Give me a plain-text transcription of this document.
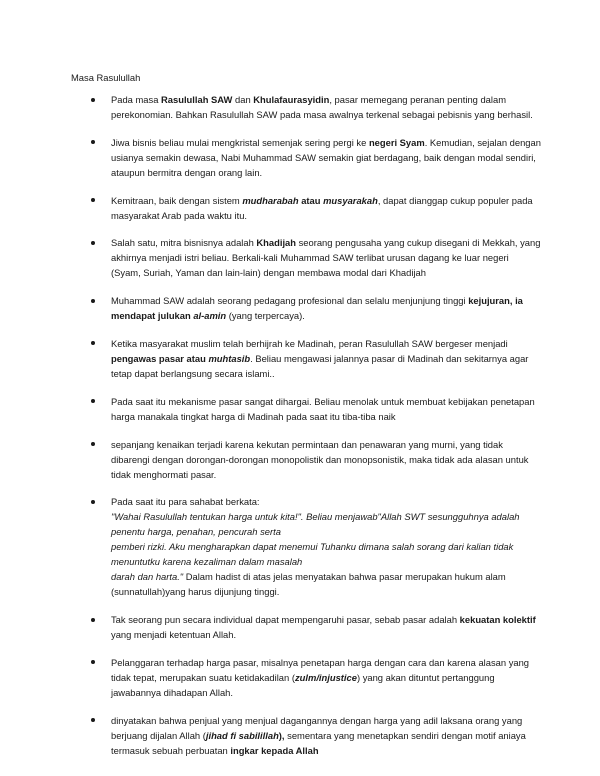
Masa Rasulullah
Pada masa Rasulullah SAW dan Khulafaurasyidin, pasar memegang peranan penting dalam perekonomian. Bahkan Rasulullah SAW pada masa awalnya terkenal sebagai pebisnis yang berhasil.
Jiwa bisnis beliau mulai mengkristal semenjak sering pergi ke negeri Syam. Kemudian, sejalan dengan usianya semakin dewasa, Nabi Muhammad SAW semakin giat berdagang, baik dengan modal sendiri, ataupun bermitra dengan orang lain.
Kemitraan, baik dengan sistem mudharabah atau musyarakah, dapat dianggap cukup populer pada masyarakat Arab pada waktu itu.
Salah satu, mitra bisnisnya adalah Khadijah seorang pengusaha yang cukup disegani di Mekkah, yang akhirnya menjadi istri beliau. Berkali-kali Muhammad SAW terlibat urusan dagang ke luar negeri (Syam, Suriah, Yaman dan lain-lain) dengan membawa modal dari Khadijah
Muhammad SAW adalah seorang pedagang profesional dan selalu menjunjung tinggi kejujuran, ia mendapat julukan al-amin (yang terpercaya).
Ketika masyarakat muslim telah berhijrah ke Madinah, peran Rasulullah SAW bergeser menjadi pengawas pasar atau muhtasib. Beliau mengawasi jalannya pasar di Madinah dan sekitarnya agar tetap dapat berlangsung secara islami..
Pada saat itu mekanisme pasar sangat dihargai. Beliau menolak untuk membuat kebijakan penetapan harga manakala tingkat harga di Madinah pada saat itu tiba-tiba naik
sepanjang kenaikan terjadi karena kekutan permintaan dan penawaran yang murni, yang tidak dibarengi dengan dorongan-dorongan monopolistik dan monopsonistik, maka tidak ada alasan untuk tidak menghormati pasar.
Pada saat itu para sahabat berkata:
"Wahai Rasulullah tentukan harga untuk kita!". Beliau menjawab"Allah SWT sesungguhnya adalah penentu harga, penahan, pencurah serta
pemberi rizki. Aku mengharapkan dapat menemui Tuhanku dimana salah sorang dari kalian tidak menuntutku karena kezaliman dalam masalah
darah dan harta." Dalam hadist di atas jelas menyatakan bahwa pasar merupakan hukum alam (sunnatullah)yang harus dijunjung tinggi.
Tak seorang pun secara individual dapat mempengaruhi pasar, sebab pasar adalah kekuatan kolektif yang menjadi ketentuan Allah.
Pelanggaran terhadap harga pasar, misalnya penetapan harga dengan cara dan karena alasan yang tidak tepat, merupakan suatu ketidakadilan (zulm/injustice) yang akan dituntut pertanggung jawabannya dihadapan Allah.
dinyatakan bahwa penjual yang menjual dagangannya dengan harga yang adil laksana orang yang berjuang dijalan Allah (jihad fi sabilillah), sementara yang menetapkan sendiri dengan motif aniaya termasuk sebuah perbuatan ingkar kepada Allah
